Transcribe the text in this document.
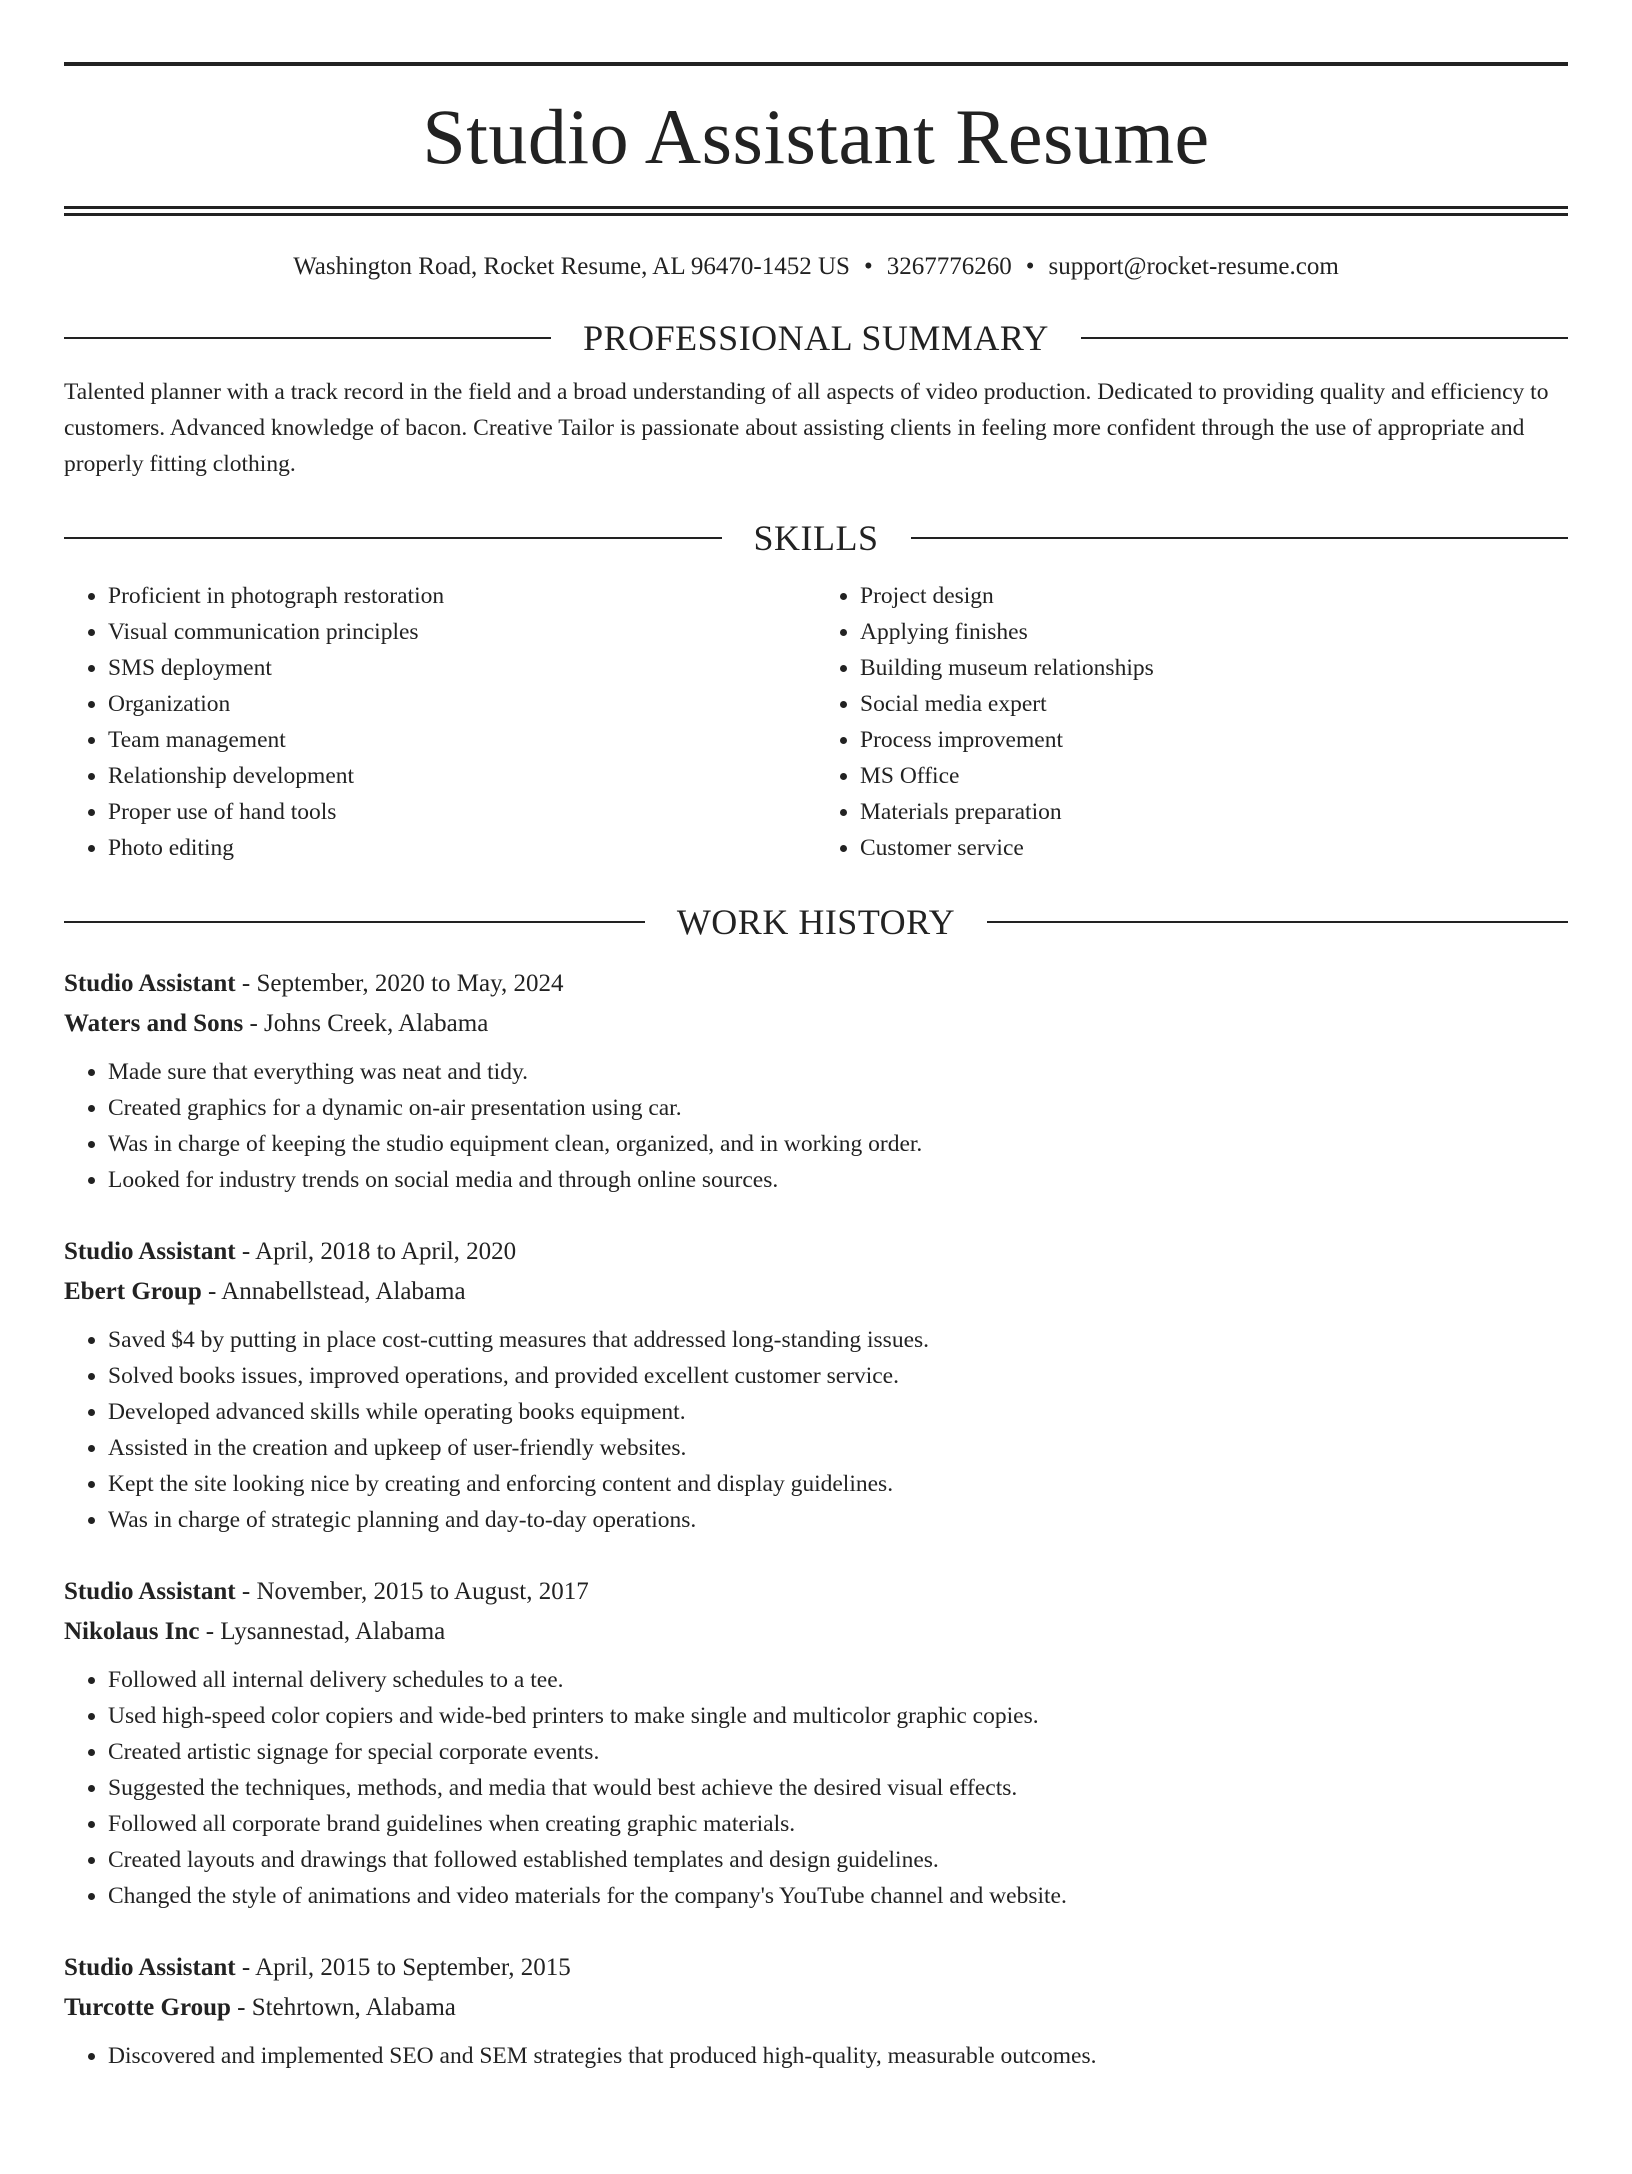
Studio Assistant Resume
Washington Road, Rocket Resume, AL 96470-1452 US • 3267776260 • support@rocket-resume.com
PROFESSIONAL SUMMARY
Talented planner with a track record in the field and a broad understanding of all aspects of video production. Dedicated to providing quality and efficiency to customers. Advanced knowledge of bacon. Creative Tailor is passionate about assisting clients in feeling more confident through the use of appropriate and properly fitting clothing.
SKILLS
• Proficient in photograph restoration
• Visual communication principles
• SMS deployment
• Organization
• Team management
• Relationship development
• Proper use of hand tools
• Photo editing
• Project design
• Applying finishes
• Building museum relationships
• Social media expert
• Process improvement
• MS Office
• Materials preparation
• Customer service
WORK HISTORY
Studio Assistant - September, 2020 to May, 2024
Waters and Sons - Johns Creek, Alabama
• Made sure that everything was neat and tidy.
• Created graphics for a dynamic on-air presentation using car.
• Was in charge of keeping the studio equipment clean, organized, and in working order.
• Looked for industry trends on social media and through online sources.
Studio Assistant - April, 2018 to April, 2020
Ebert Group - Annabellstead, Alabama
• Saved $4 by putting in place cost-cutting measures that addressed long-standing issues.
• Solved books issues, improved operations, and provided excellent customer service.
• Developed advanced skills while operating books equipment.
• Assisted in the creation and upkeep of user-friendly websites.
• Kept the site looking nice by creating and enforcing content and display guidelines.
• Was in charge of strategic planning and day-to-day operations.
Studio Assistant - November, 2015 to August, 2017
Nikolaus Inc - Lysannestad, Alabama
• Followed all internal delivery schedules to a tee.
• Used high-speed color copiers and wide-bed printers to make single and multicolor graphic copies.
• Created artistic signage for special corporate events.
• Suggested the techniques, methods, and media that would best achieve the desired visual effects.
• Followed all corporate brand guidelines when creating graphic materials.
• Created layouts and drawings that followed established templates and design guidelines.
• Changed the style of animations and video materials for the company's YouTube channel and website.
Studio Assistant - April, 2015 to September, 2015
Turcotte Group - Stehrtown, Alabama
• Discovered and implemented SEO and SEM strategies that produced high-quality, measurable outcomes.
